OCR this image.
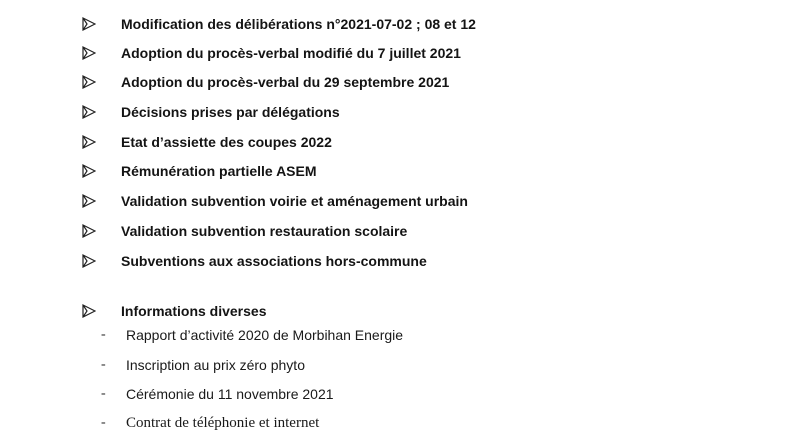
Modification des délibérations n°2021-07-02 ; 08 et 12
Adoption du procès-verbal modifié du 7 juillet 2021
Adoption du procès-verbal du 29 septembre 2021
Décisions prises par délégations
Etat d’assiette des coupes 2022
Rémunération partielle ASEM
Validation subvention voirie et aménagement urbain
Validation subvention restauration scolaire
Subventions aux associations hors-commune
Informations diverses
- Rapport d’activité 2020 de Morbihan Energie
- Inscription au prix zéro phyto
- Cérémonie du 11 novembre 2021
- Contrat de téléphonie et internet
